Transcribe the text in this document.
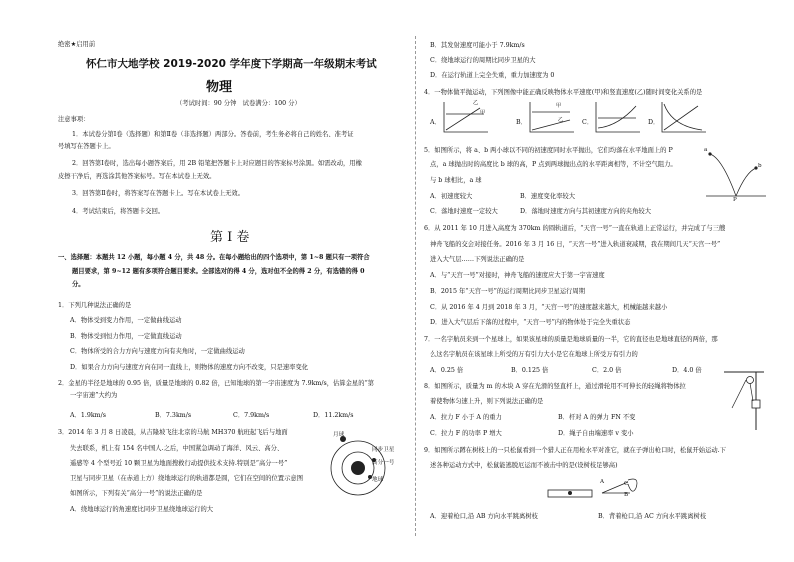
绝密★启用前
怀仁市大地学校 2019-2020 学年度下学期高一年级期末考试
物理
（考试时间：90 分钟　试卷满分：100 分）
注意事项：
1．本试卷分第Ⅰ卷（选择题）和第Ⅱ卷（非选择题）两部分。答卷前，考生务必将自己的姓名、准考证
号填写在答题卡上。
2．回答第Ⅰ卷时，选出每小题答案后，用 2B 铅笔把答题卡上对应题目的答案标号涂黑。如需改动，用橡
皮擦干净后，再选涂其他答案标号。写在本试卷上无效。
3．回答第Ⅱ卷时，将答案写在答题卡上。写在本试卷上无效。
4．考试结束后，将答题卡交回。
第 Ⅰ 卷
一、选择题：本题共 12 小题，每小题 4 分，共 48 分。在每小题给出的四个选项中，第 1~8 题只有一项符合
题目要求，第 9~12 题有多项符合题目要求。全部选对的得 4 分，选对但不全的得 2 分，有选错的得 0
分。
1．下列几种说法正确的是
A．物体受到变力作用，一定做曲线运动
B．物体受到恒力作用，一定做直线运动
C．物体所受的合力方向与速度方向有夹角时，一定做曲线运动
D．如果合力方向与速度方向在同一直线上，则物体的速度方向不改变，只是速率变化
2．金星的半径是地球的 0.95 倍，质量是地球的 0.82 倍，已知地球的第一宇宙速度为 7.9km/s，估算金星的“第
一宇宙速”大约为
A．1.9km/s	B．7.3km/s	C．7.9km/s	D．11.2km/s
3．2014 年 3 月 8 日凌晨，从吉隆坡飞往北京的马航 MH370 航班起飞后与地面
失去联系，机上有 154 名中国人.之后，中国紧急调动了海洋、风云、高分、
遥感等 4 个型号近 10 颗卫星为地面搜救行动提供技术支持.特别是“高分一号”
卫星与同步卫星（在赤道上方）绕地球运行的轨道都是圆，它们在空间的位置示意图
如图所示，下列有关“高分一号”的说法正确的是
A．绕地球运行的角速度比同步卫星绕地球运行的大
月球
同步卫星
高分一号
地球
B．其发射速度可能小于 7.9km/s
C．绕地球运行的周期比同步卫星的大
D．在运行轨道上完全失重，重力加速度为 0
4．一物体做平抛运动，下列图像中能正确反映物体水平速度(甲)和竖直速度(乙)随时间变化关系的是
A．	B．	C．	D．
乙
甲
甲
乙
5．如图所示，将 a、b 两小球以不同的初速度同时水平抛出，它们均落在水平地面上的 P
点，a 球抛出时的高度比 b 球的高，P 点到两球抛出点的水平距离相等，不计空气阻力。
与 b 球相比，a 球
A．初速度较大	B．速度变化率较大
C．落地时速度一定较大	D．落地时速度方向与其初速度方向的夹角较大
a
b
P
6．从 2011 年 10 月进入高度为 370km 的圆轨道后，“天宫一号”一直在轨道上正常运行，并完成了与三艘
神舟飞船的交会对接任务。2016 年 3 月 16 日，“天宫一号”进入轨道衰减期，我在期间几天“天宫一号”
进入大气层……下列说法正确的是
A．与“天宫一号”对接时，神舟飞船的速度应大于第一宇宙速度
B．2015 年“天宫一号”的运行周期比同步卫星运行周期
C．从 2016 年 4 月到 2018 年 3 月，“天宫一号”的速度越来越大，机械能越来越小
D．进入大气层后下落的过程中，“天宫一号”内的物体处于完全失重状态
7．一名宇航员来到一个星球上，如果该星球的质量是地球质量的一半，它的直径也是地球直径的两倍，那
么这名宇航员在该星球上所受的万有引力大小是它在地球上所受万有引力的
A．0.25 倍	B．0.125 倍	C．2.0 倍	D．4.0 倍
8．如图所示，质量为 m 的木块 A 穿在光滑的竖直杆上，通过滑轮用不可伸长的轻绳将物体拉
着使物体匀速上升，则下列说法正确的是
A．拉力 F 小于 A 的重力	B．杆对 A 的弹力 FN 不变
C．拉力 F 的功率 P 增大	D．绳子自由端速率 v 变小
9．如图所示蹲在树枝上的一只松鼠看到一个猎人正在用枪水平对准它，就在子弹出枪口时，松鼠开始运动.下
述各种运动方式中，松鼠能逃脱厄运而不被击中的是(设树枝足够高)
A
B
C
A．迎着枪口,沿 AB 方向水平跳离树枝	B．背着枪口,沿 AC 方向水平跳离树枝
